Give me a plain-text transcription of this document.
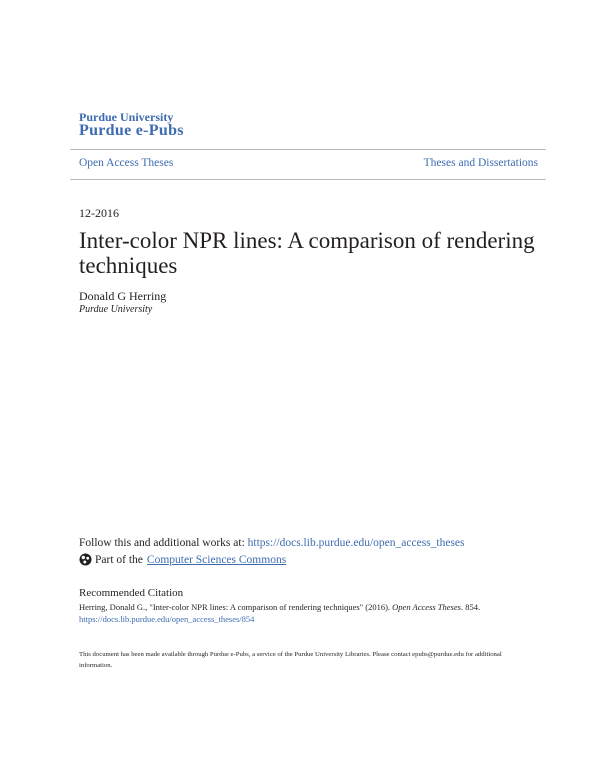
Purdue University
Purdue e-Pubs
Open Access Theses	Theses and Dissertations
12-2016
Inter-color NPR lines: A comparison of rendering techniques
Donald G Herring
Purdue University
Follow this and additional works at: https://docs.lib.purdue.edu/open_access_theses
Part of the Computer Sciences Commons
Recommended Citation
Herring, Donald G., "Inter-color NPR lines: A comparison of rendering techniques" (2016). Open Access Theses. 854.
https://docs.lib.purdue.edu/open_access_theses/854
This document has been made available through Purdue e-Pubs, a service of the Purdue University Libraries. Please contact epubs@purdue.edu for additional information.
